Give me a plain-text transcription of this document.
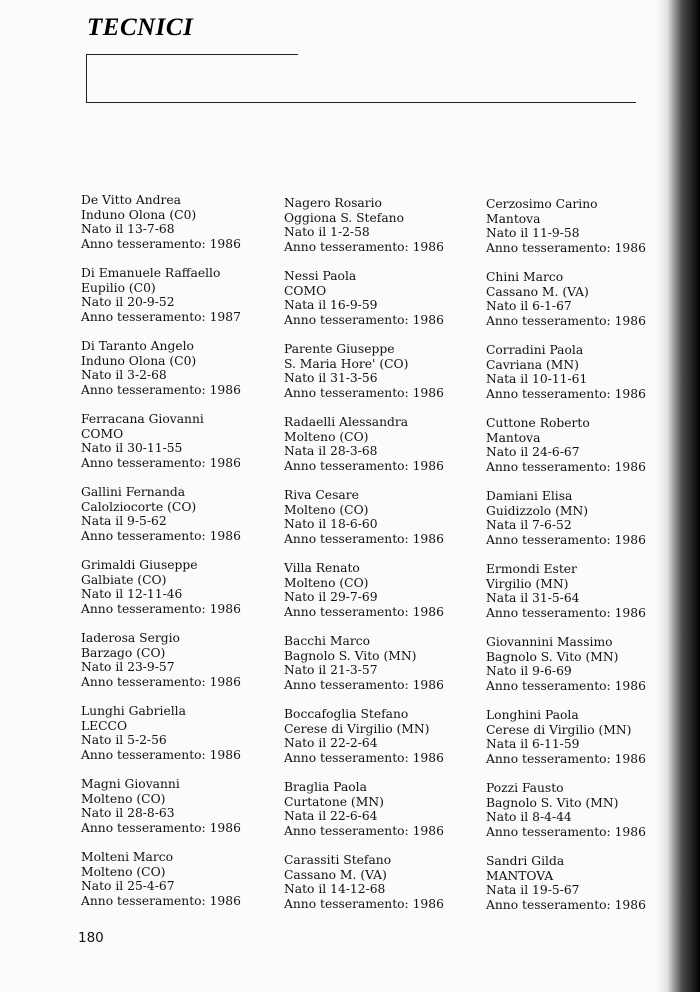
TECNICI
De Vitto Andrea
Induno Olona (C0)
Nato il 13-7-68
Anno tesseramento: 1986
Di Emanuele Raffaello
Eupilio (C0)
Nato il 20-9-52
Anno tesseramento: 1987
Di Taranto Angelo
Induno Olona (C0)
Nato il 3-2-68
Anno tesseramento: 1986
Ferracana Giovanni
COMO
Nato il 30-11-55
Anno tesseramento: 1986
Gallini Fernanda
Calolziocorte (CO)
Nata il 9-5-62
Anno tesseramento: 1986
Grimaldi Giuseppe
Galbiate (CO)
Nato il 12-11-46
Anno tesseramento: 1986
Iaderosa Sergio
Barzago (CO)
Nato il 23-9-57
Anno tesseramento: 1986
Lunghi Gabriella
LECCO
Nato il 5-2-56
Anno tesseramento: 1986
Magni Giovanni
Molteno (CO)
Nato il 28-8-63
Anno tesseramento: 1986
Molteni Marco
Molteno (CO)
Nato il 25-4-67
Anno tesseramento: 1986
Nagero Rosario
Oggiona S. Stefano
Nato il 1-2-58
Anno tesseramento: 1986
Nessi Paola
COMO
Nata il 16-9-59
Anno tesseramento: 1986
Parente Giuseppe
S. Maria Hore' (CO)
Nato il 31-3-56
Anno tesseramento: 1986
Radaelli Alessandra
Molteno (CO)
Nata il 28-3-68
Anno tesseramento: 1986
Riva Cesare
Molteno (CO)
Nato il 18-6-60
Anno tesseramento: 1986
Villa Renato
Molteno (CO)
Nato il 29-7-69
Anno tesseramento: 1986
Bacchi Marco
Bagnolo S. Vito (MN)
Nato il 21-3-57
Anno tesseramento: 1986
Boccafoglia Stefano
Cerese di Virgilio (MN)
Nato il 22-2-64
Anno tesseramento: 1986
Braglia Paola
Curtatone (MN)
Nata il 22-6-64
Anno tesseramento: 1986
Carassiti Stefano
Cassano M. (VA)
Nato il 14-12-68
Anno tesseramento: 1986
Cerzosimo Carino
Mantova
Nato il 11-9-58
Anno tesseramento: 1986
Chini Marco
Cassano M. (VA)
Nato il 6-1-67
Anno tesseramento: 1986
Corradini Paola
Cavriana (MN)
Nata il 10-11-61
Anno tesseramento: 1986
Cuttone Roberto
Mantova
Nato il 24-6-67
Anno tesseramento: 1986
Damiani Elisa
Guidizzolo (MN)
Nata il 7-6-52
Anno tesseramento: 1986
Ermondi Ester
Virgilio (MN)
Nata il 31-5-64
Anno tesseramento: 1986
Giovannini Massimo
Bagnolo S. Vito (MN)
Nato il 9-6-69
Anno tesseramento: 1986
Longhini Paola
Cerese di Virgilio (MN)
Nata il 6-11-59
Anno tesseramento: 1986
Pozzi Fausto
Bagnolo S. Vito (MN)
Nato il 8-4-44
Anno tesseramento: 1986
Sandri Gilda
MANTOVA
Nata il 19-5-67
Anno tesseramento: 1986
180
